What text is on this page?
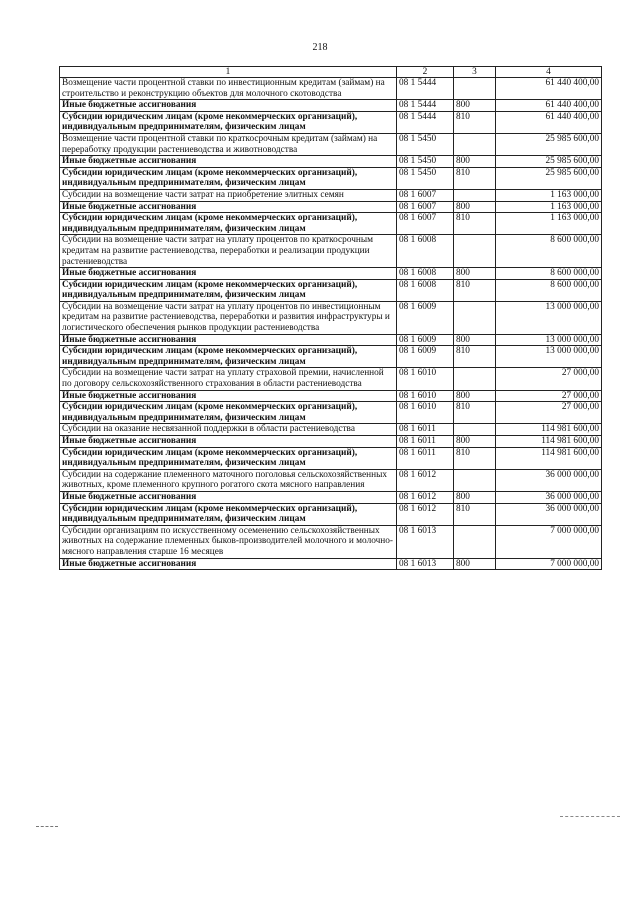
218
1	2	3	4
Возмещение части процентной ставки по инвестиционным кредитам (займам) на строительство и реконструкцию объектов для молочного скотоводства	08 1 5444		61 440 400,00
Иные бюджетные ассигнования	08 1 5444	800	61 440 400,00
Субсидии юридическим лицам (кроме некоммерческих организаций), индивидуальным предпринимателям, физическим лицам	08 1 5444	810	61 440 400,00
Возмещение части процентной ставки по краткосрочным кредитам (займам) на переработку продукции растениеводства и животноводства	08 1 5450		25 985 600,00
Иные бюджетные ассигнования	08 1 5450	800	25 985 600,00
Субсидии юридическим лицам (кроме некоммерческих организаций), индивидуальным предпринимателям, физическим лицам	08 1 5450	810	25 985 600,00
Субсидии на возмещение части затрат на приобретение элитных семян	08 1 6007		1 163 000,00
Иные бюджетные ассигнования	08 1 6007	800	1 163 000,00
Субсидии юридическим лицам (кроме некоммерческих организаций), индивидуальным предпринимателям, физическим лицам	08 1 6007	810	1 163 000,00
Субсидии на возмещение части затрат на уплату процентов по краткосрочным кредитам на развитие растениеводства, переработки и реализации продукции растениеводства	08 1 6008		8 600 000,00
Иные бюджетные ассигнования	08 1 6008	800	8 600 000,00
Субсидии юридическим лицам (кроме некоммерческих организаций), индивидуальным предпринимателям, физическим лицам	08 1 6008	810	8 600 000,00
Субсидии на возмещение части затрат на уплату процентов по инвестиционным кредитам на развитие растениеводства, переработки и развития инфраструктуры и логистического обеспечения рынков продукции растениеводства	08 1 6009		13 000 000,00
Иные бюджетные ассигнования	08 1 6009	800	13 000 000,00
Субсидии юридическим лицам (кроме некоммерческих организаций), индивидуальным предпринимателям, физическим лицам	08 1 6009	810	13 000 000,00
Субсидии на возмещение части затрат на уплату страховой премии, начисленной по договору сельскохозяйственного страхования в области растениеводства	08 1 6010		27 000,00
Иные бюджетные ассигнования	08 1 6010	800	27 000,00
Субсидии юридическим лицам (кроме некоммерческих организаций), индивидуальным предпринимателям, физическим лицам	08 1 6010	810	27 000,00
Субсидии на оказание несвязанной поддержки в области растениеводства	08 1 6011		114 981 600,00
Иные бюджетные ассигнования	08 1 6011	800	114 981 600,00
Субсидии юридическим лицам (кроме некоммерческих организаций), индивидуальным предпринимателям, физическим лицам	08 1 6011	810	114 981 600,00
Субсидии на содержание племенного маточного поголовья сельскохозяйственных животных, кроме племенного крупного рогатого скота мясного направления	08 1 6012		36 000 000,00
Иные бюджетные ассигнования	08 1 6012	800	36 000 000,00
Субсидии юридическим лицам (кроме некоммерческих организаций), индивидуальным предпринимателям, физическим лицам	08 1 6012	810	36 000 000,00
Субсидии организациям по искусственному осеменению сельскохозяйственных животных на содержание племенных быков-производителей молочного и молочно-мясного направления старше 16 месяцев	08 1 6013		7 000 000,00
Иные бюджетные ассигнования	08 1 6013	800	7 000 000,00
